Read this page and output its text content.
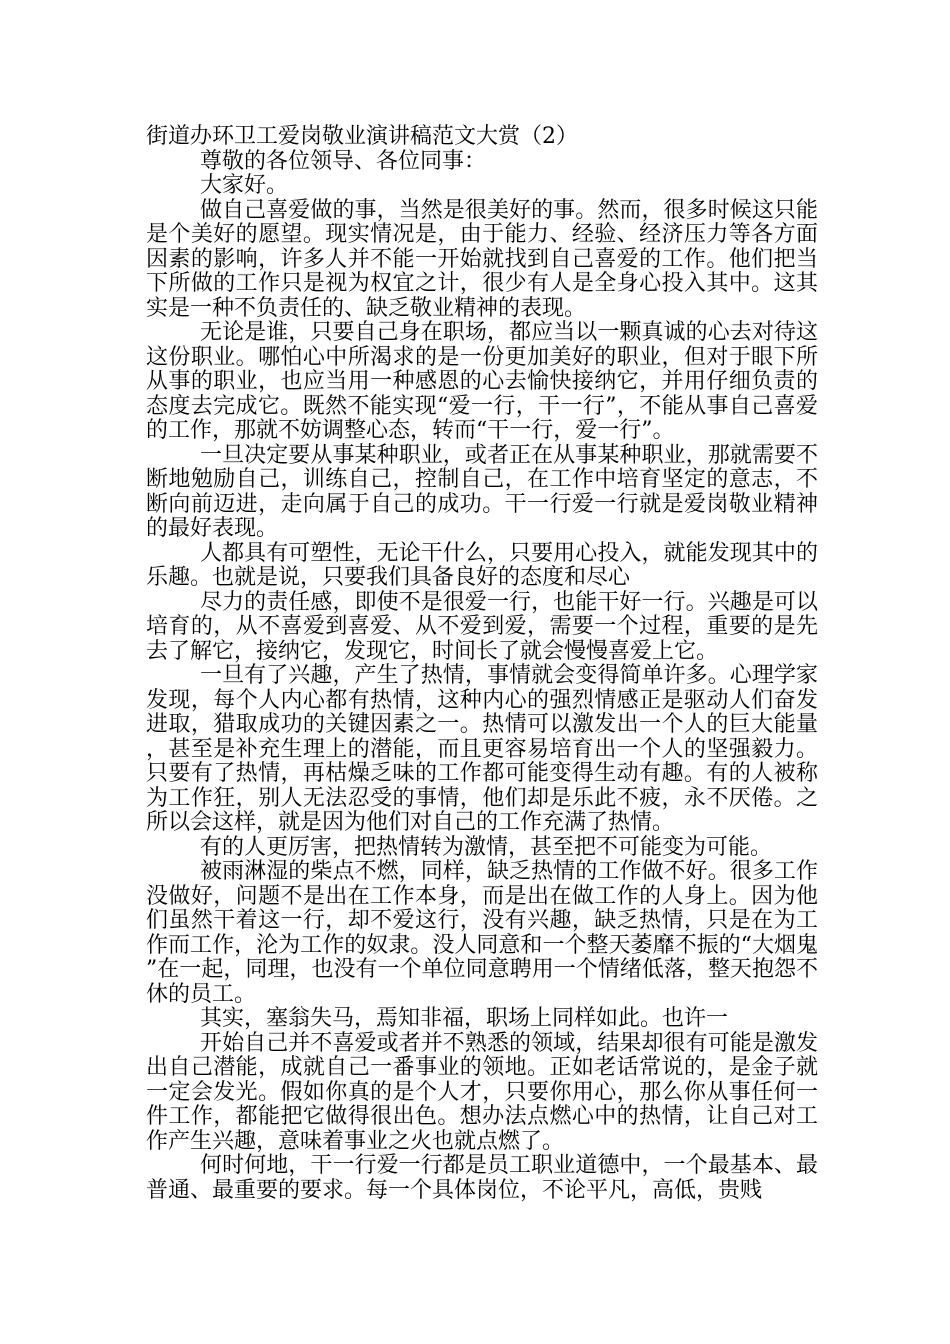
街道办环卫工爱岗敬业演讲稿范文大赏（2）

尊敬的各位领导、各位同事：

大家好。

做自己喜爱做的事，当然是很美好的事。然而，很多时候这只能是个美好的愿望。现实情况是，由于能力、经验、经济压力等各方面因素的影响，许多人并不能一开始就找到自己喜爱的工作。他们把当下所做的工作只是视为权宜之计，很少有人是全身心投入其中。这其实是一种不负责任的、缺乏敬业精神的表现。

无论是谁，只要自己身在职场，都应当以一颗真诚的心去对待这这份职业。哪怕心中所渴求的是一份更加美好的职业，但对于眼下所从事的职业，也应当用一种感恩的心去愉快接纳它，并用仔细负责的态度去完成它。既然不能实现“爱一行，干一行”，不能从事自己喜爱的工作，那就不妨调整心态，转而“干一行，爱一行”。

一旦决定要从事某种职业，或者正在从事某种职业，那就需要不断地勉励自己，训练自己，控制自己，在工作中培育坚定的意志，不断向前迈进，走向属于自己的成功。干一行爱一行就是爱岗敬业精神的最好表现。

人都具有可塑性，无论干什么，只要用心投入，就能发现其中的乐趣。也就是说，只要我们具备良好的态度和尽心

尽力的责任感，即使不是很爱一行，也能干好一行。兴趣是可以培育的，从不喜爱到喜爱、从不爱到爱，需要一个过程，重要的是先去了解它，接纳它，发现它，时间长了就会慢慢喜爱上它。

一旦有了兴趣，产生了热情，事情就会变得简单许多。心理学家发现，每个人内心都有热情，这种内心的强烈情感正是驱动人们奋发进取，猎取成功的关键因素之一。热情可以激发出一个人的巨大能量，甚至是补充生理上的潜能，而且更容易培育出一个人的坚强毅力。只要有了热情，再枯燥乏味的工作都可能变得生动有趣。有的人被称为工作狂，别人无法忍受的事情，他们却是乐此不疲，永不厌倦。之所以会这样，就是因为他们对自己的工作充满了热情。

有的人更厉害，把热情转为激情，甚至把不可能变为可能。

被雨淋湿的柴点不燃，同样，缺乏热情的工作做不好。很多工作没做好，问题不是出在工作本身，而是出在做工作的人身上。因为他们虽然干着这一行，却不爱这行，没有兴趣，缺乏热情，只是在为工作而工作，沦为工作的奴隶。没人同意和一个整天萎靡不振的“大烟鬼”在一起，同理，也没有一个单位同意聘用一个情绪低落，整天抱怨不休的员工。

其实，塞翁失马，焉知非福，职场上同样如此。也许一

开始自己并不喜爱或者并不熟悉的领域，结果却很有可能是激发出自己潜能，成就自己一番事业的领地。正如老话常说的，是金子就一定会发光。假如你真的是个人才，只要你用心，那么你从事任何一件工作，都能把它做得很出色。想办法点燃心中的热情，让自己对工作产生兴趣，意味着事业之火也就点燃了。

何时何地，干一行爱一行都是员工职业道德中，一个最基本、最普通、最重要的要求。每一个具体岗位，不论平凡，高低，贵贱
